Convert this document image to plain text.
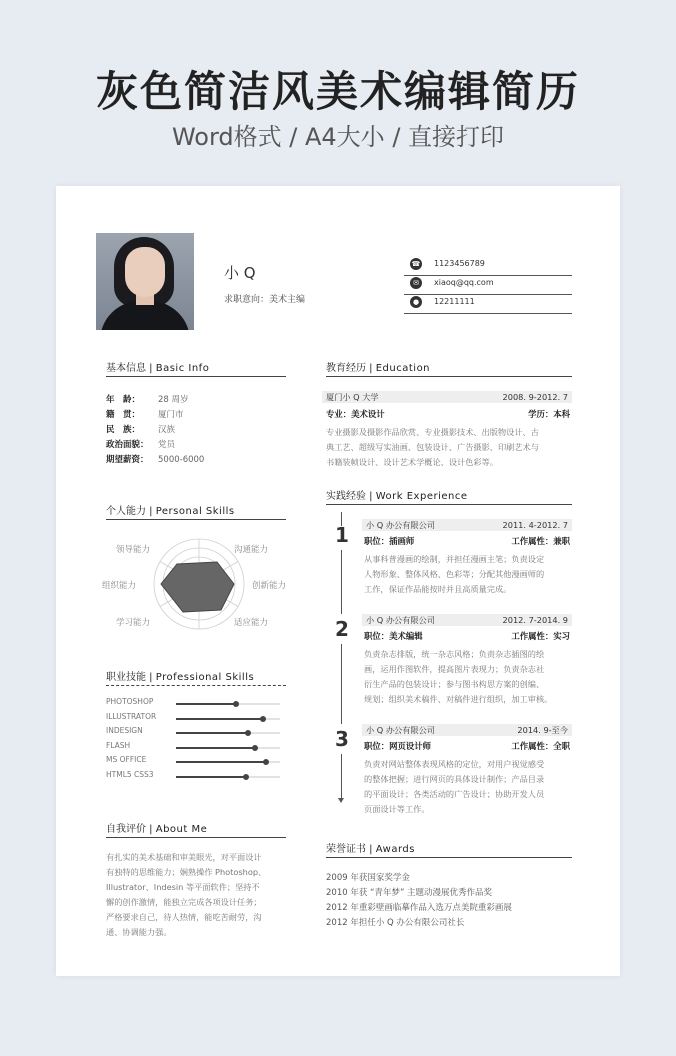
灰色简洁风美术编辑简历
Word格式 / A4大小 / 直接打印
小 Q
求职意向：美术主编
☎ 1123456789
✉	xiaoq@qq.com
●	12211111
基本信息 | Basic Info
年　龄： 28 周岁
籍　贯： 厦门市
民　族： 汉族
政治面貌： 党员
期望薪资： 5000-6000
个人能力 | Personal Skills
领导能力	沟通能力
组织能力	创新能力
学习能力	适应能力
职业技能 | Professional Skills
PHOTOSHOP
ILLUSTRATOR
INDESIGN
FLASH
MS OFFICE
HTML5 CSS3
自我评价 | About Me
有扎实的美术基础和审美眼光，对平面设计
有独特的思维能力；娴熟操作 Photoshop、
Illustrator、Indesin 等平面软件；坚持不
懈的创作激情，能独立完成各项设计任务；
严格要求自己，待人热情，能吃苦耐劳，沟
通、协调能力强。
教育经历 | Education
厦门小 Q 大学	2008. 9-2012. 7
专业：美术设计	学历：本科
专业摄影及摄影作品欣赏、专业摄影技术、出版物设计、古
典工艺、超级写实油画、包装设计、广告摄影、印刷艺术与
书籍装帧设计、设计艺术学概论、设计色彩等。
实践经验 | Work Experience
1
2
3
小 Q 办公有限公司	2011. 4-2012. 7
职位：插画师	工作属性：兼职
从事科普漫画的绘制，并担任漫画主笔；负责设定
人物形象、整体风格、色彩等；分配其他漫画师的
工作，保证作品能按时并且高质量完成。
小 Q 办公有限公司	2012. 7-2014. 9
职位：美术编辑	工作属性：实习
负责杂志排版，统一杂志风格；负责杂志插图的绘
画，运用作图软件，提高图片表现力；负责杂志社
衍生产品的包装设计；参与图书构思方案的创编、
规划；组织美术稿件、对稿件进行组织，加工审核。
小 Q 办公有限公司	2014. 9-至今
职位：网页设计师	工作属性：全职
负责对网站整体表现风格的定位，对用户视觉感受
的整体把握；进行网页的具体设计制作；产品目录
的平面设计；各类活动的广告设计；协助开发人员
页面设计等工作。
荣誉证书 | Awards
2009 年获国家奖学金
2010 年获 “青年梦” 主题动漫展优秀作品奖
2012 年重彩壁画临摹作品入选万点美院重彩画展
2012 年担任小 Q 办公有限公司社长
